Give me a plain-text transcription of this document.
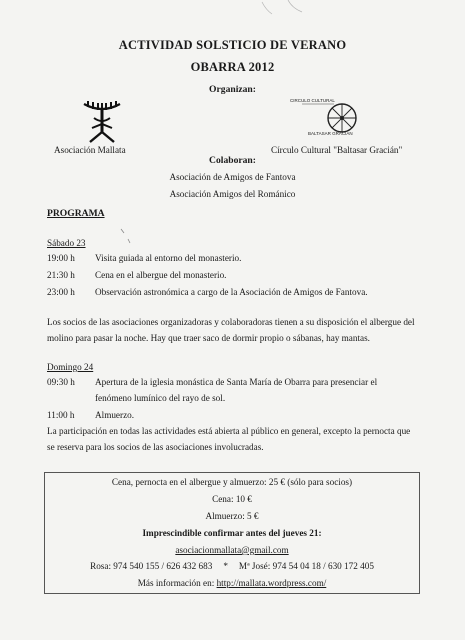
ACTIVIDAD SOLSTICIO DE VERANO
OBARRA 2012
Organizan:
Asociación Mallata
CIRCULO CULTURAL
BALTASAR GRACIAN
Círculo Cultural "Baltasar Gracián"
Colaboran:
Asociación de Amigos de Fantova
Asociación Amigos del Románico
PROGRAMA
Sábado 23
19:00 h Visita guiada al entorno del monasterio.
21:30 h Cena en el albergue del monasterio.
23:00 h Observación astronómica a cargo de la Asociación de Amigos de Fantova.
Los socios de las asociaciones organizadoras y colaboradoras tienen a su disposición el albergue del
molino para pasar la noche. Hay que traer saco de dormir propio o sábanas, hay mantas.
Domingo 24
09:30 h Apertura de la iglesia monástica de Santa María de Obarra para presenciar el
fenómeno lumínico del rayo de sol.
11:00 h Almuerzo.
La participación en todas las actividades está abierta al público en general, excepto la pernocta que
se reserva para los socios de las asociaciones involucradas.
Cena, pernocta en el albergue y almuerzo: 25 € (sólo para socios)
Cena: 10 €
Almuerzo: 5 €
Imprescindible confirmar antes del jueves 21:
asociacionmallata@gmail.com
Rosa: 974 540 155 / 626 432 683 * Mª José: 974 54 04 18 / 630 172 405
Más información en: http://mallata.wordpress.com/
